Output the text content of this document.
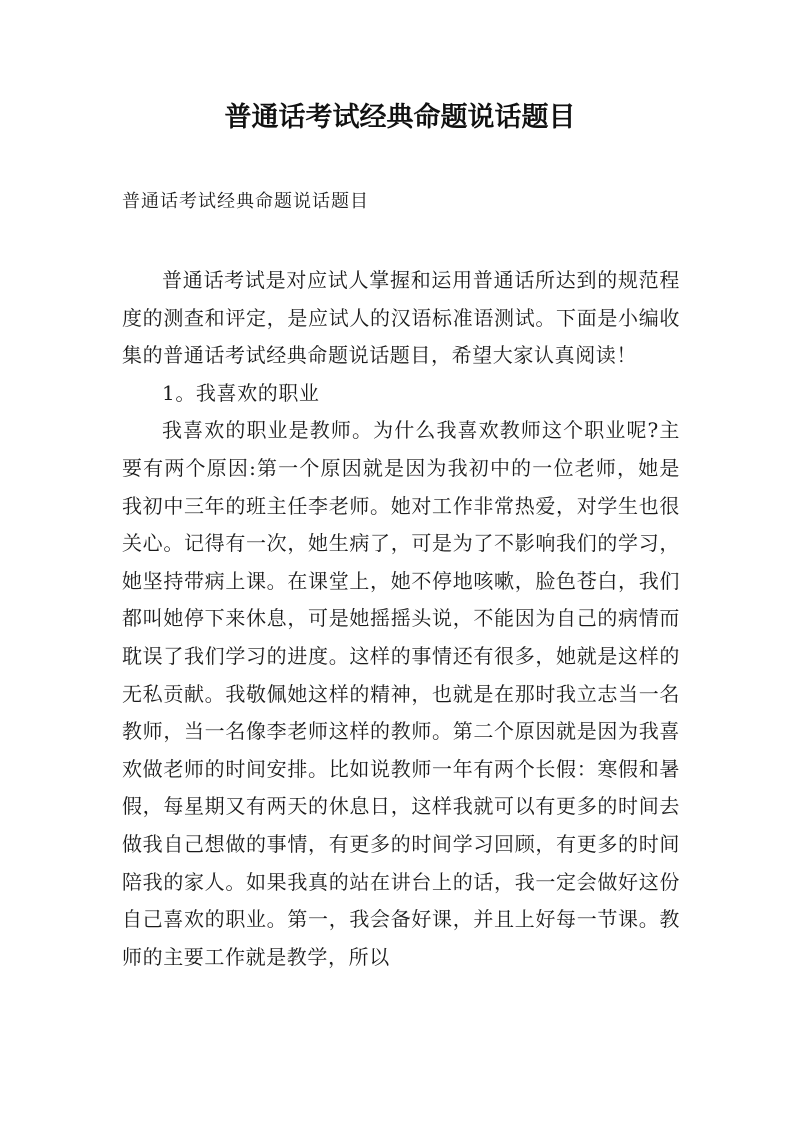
普通话考试经典命题说话题目

普通话考试经典命题说话题目

普通话考试是对应试人掌握和运用普通话所达到的规范程度的测查和评定，是应试人的汉语标准语测试。下面是小编收集的普通话考试经典命题说话题目，希望大家认真阅读！

1。我喜欢的职业

我喜欢的职业是教师。为什么我喜欢教师这个职业呢?主要有两个原因:第一个原因就是因为我初中的一位老师，她是我初中三年的班主任李老师。她对工作非常热爱，对学生也很关心。记得有一次，她生病了，可是为了不影响我们的学习，她坚持带病上课。在课堂上，她不停地咳嗽，脸色苍白，我们都叫她停下来休息，可是她摇摇头说，不能因为自己的病情而耽误了我们学习的进度。这样的事情还有很多，她就是这样的无私贡献。我敬佩她这样的精神，也就是在那时我立志当一名教师，当一名像李老师这样的教师。第二个原因就是因为我喜欢做老师的时间安排。比如说教师一年有两个长假：寒假和暑假，每星期又有两天的休息日，这样我就可以有更多的时间去做我自己想做的事情，有更多的时间学习回顾，有更多的时间陪我的家人。如果我真的站在讲台上的话，我一定会做好这份自己喜欢的职业。第一，我会备好课，并且上好每一节课。教师的主要工作就是教学，所以
